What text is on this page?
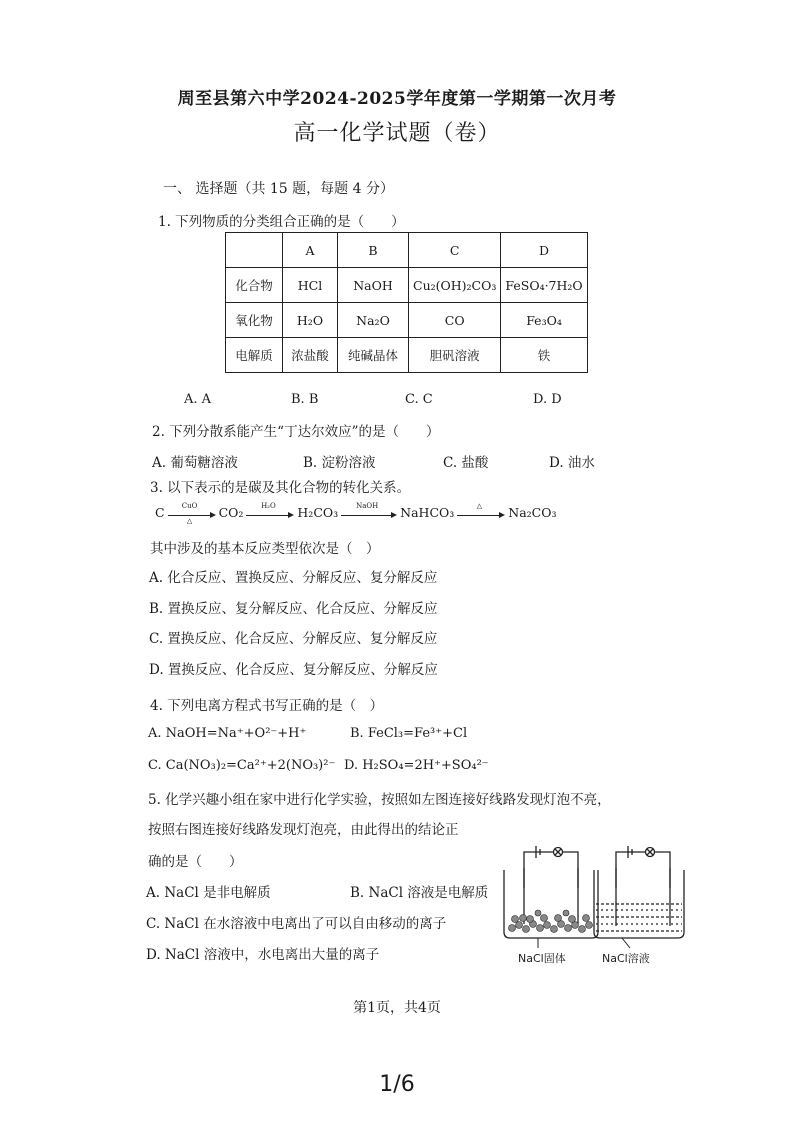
周至县第六中学2024-2025学年度第一学期第一次月考
高一化学试题（卷）
一、 选择题（共 15 题，每题 4 分）
1. 下列物质的分类组合正确的是（　　）
	A	B	C	D
化合物	HCl	NaOH	Cu₂(OH)₂CO₃	FeSO₄·7H₂O
氧化物	H₂O	Na₂O	CO	Fe₃O₄
电解质	浓盐酸	纯碱晶体	胆矾溶液	铁
A. A	B. B	C. C	D. D
2. 下列分散系能产生“丁达尔效应”的是（　　）
A. 葡萄糖溶液	B. 淀粉溶液	C. 盐酸	D. 油水
3. 以下表示的是碳及其化合物的转化关系。
C	CuO
△
CO₂	H₂O	H₂CO₃	NaOH	NaHCO₃	△	Na₂CO₃
其中涉及的基本反应类型依次是（　）
A. 化合反应、置换反应、分解反应、复分解反应
B. 置换反应、复分解反应、化合反应、分解反应
C. 置换反应、化合反应、分解反应、复分解反应
D. 置换反应、化合反应、复分解反应、分解反应
4. 下列电离方程式书写正确的是（　）
A. NaOH=Na⁺+O²⁻+H⁺	B. FeCl₃=Fe³⁺+Cl
C. Ca(NO₃)₂=Ca²⁺+2(NO₃)²⁻ D. H₂SO₄=2H⁺+SO₄²⁻
5. 化学兴趣小组在家中进行化学实验，按照如左图连接好线路发现灯泡不亮，
按照右图连接好线路发现灯泡亮，由此得出的结论正
确的是（　　）
A. NaCl 是非电解质	B. NaCl 溶液是电解质
C. NaCl 在水溶液中电离出了可以自由移动的离子
D. NaCl 溶液中，水电离出大量的离子	NaCl固体	NaCl溶液
第1页，共4页
1/6
